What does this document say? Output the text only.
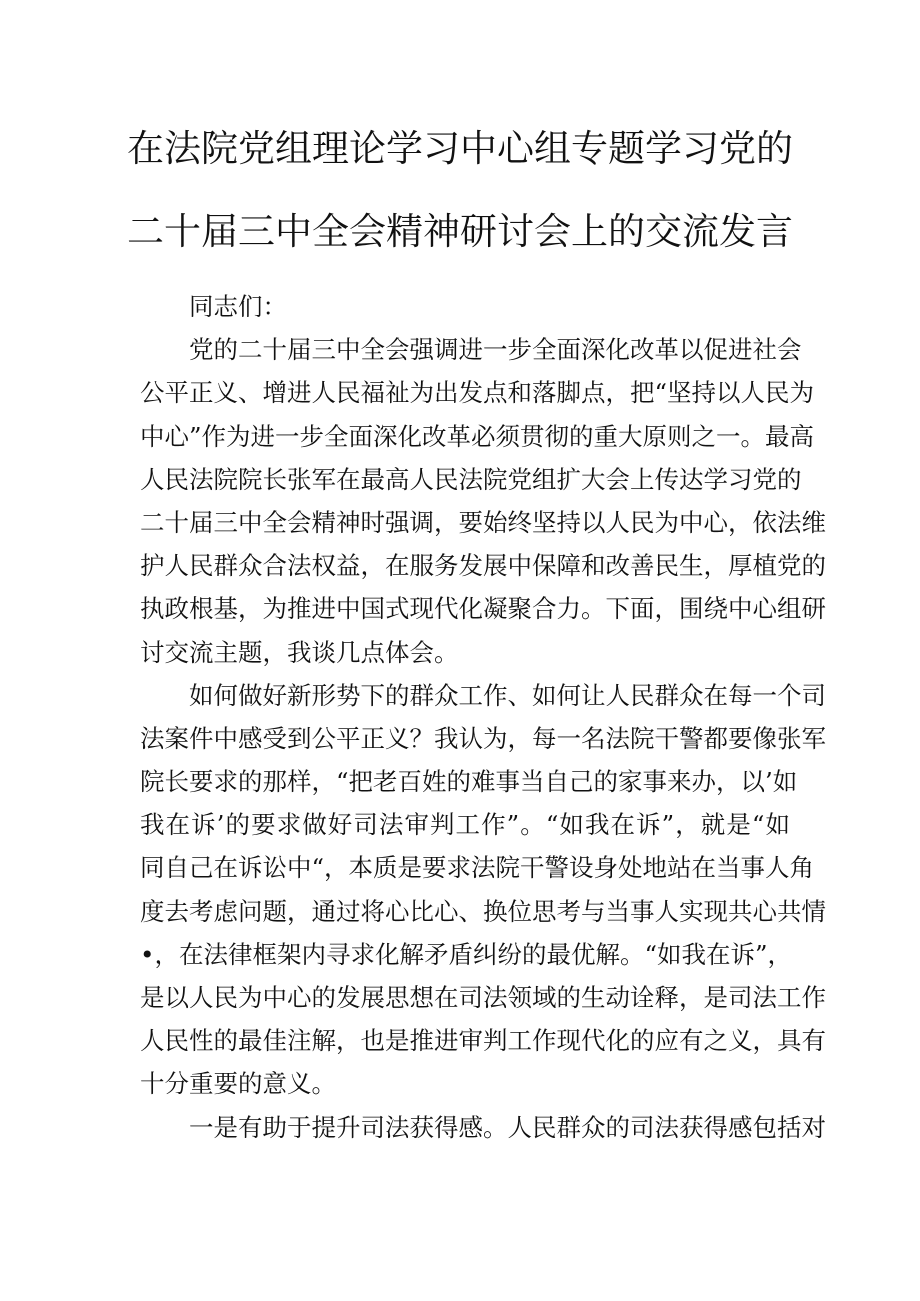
在法院党组理论学习中心组专题学习党的
二十届三中全会精神研讨会上的交流发言
同志们：
党的二十届三中全会强调进一步全面深化改革以促进社会
公平正义、增进人民福祉为出发点和落脚点，把“坚持以人民为
中心”作为进一步全面深化改革必须贯彻的重大原则之一。最高
人民法院院长张军在最高人民法院党组扩大会上传达学习党的
二十届三中全会精神时强调，要始终坚持以人民为中心，依法维
护人民群众合法权益，在服务发展中保障和改善民生，厚植党的
执政根基，为推进中国式现代化凝聚合力。下面，围绕中心组研
讨交流主题，我谈几点体会。
如何做好新形势下的群众工作、如何让人民群众在每一个司
法案件中感受到公平正义？我认为，每一名法院干警都要像张军
院长要求的那样，“把老百姓的难事当自己的家事来办，以’如
我在诉’的要求做好司法审判工作”。“如我在诉”，就是“如
同自己在诉讼中“，本质是要求法院干警设身处地站在当事人角
度去考虑问题，通过将心比心、换位思考与当事人实现共心共情
•，在法律框架内寻求化解矛盾纠纷的最优解。“如我在诉”，
是以人民为中心的发展思想在司法领域的生动诠释，是司法工作
人民性的最佳注解，也是推进审判工作现代化的应有之义，具有
十分重要的意义。
一是有助于提升司法获得感。人民群众的司法获得感包括对
